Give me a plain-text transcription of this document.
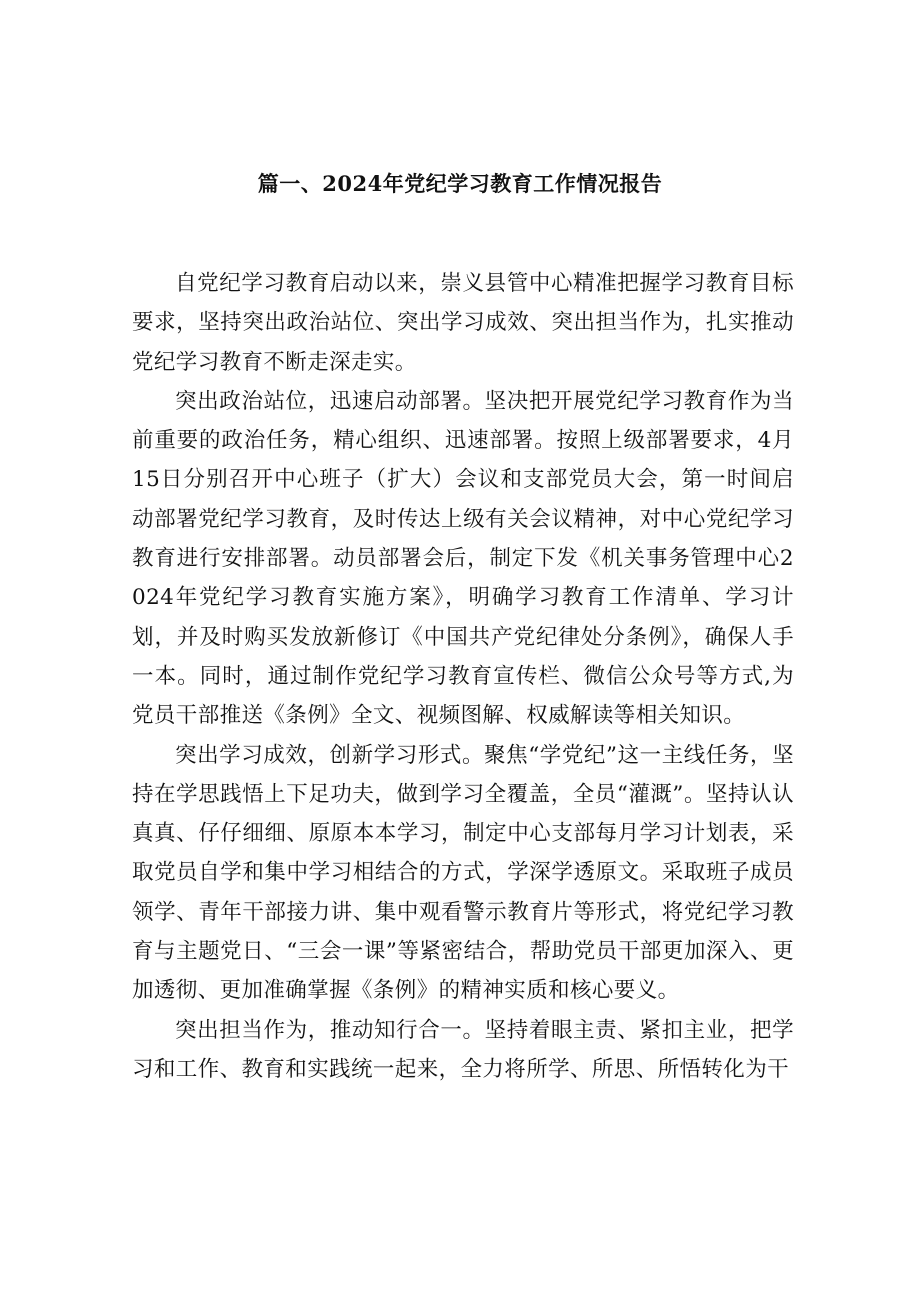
篇一、2024年党纪学习教育工作情况报告

自党纪学习教育启动以来，崇义县管中心精准把握学习教育目标要求，坚持突出政治站位、突出学习成效、突出担当作为，扎实推动党纪学习教育不断走深走实。

突出政治站位，迅速启动部署。坚决把开展党纪学习教育作为当前重要的政治任务，精心组织、迅速部署。按照上级部署要求，4月15日分别召开中心班子（扩大）会议和支部党员大会，第一时间启动部署党纪学习教育，及时传达上级有关会议精神，对中心党纪学习教育进行安排部署。动员部署会后，制定下发《机关事务管理中心2024年党纪学习教育实施方案》，明确学习教育工作清单、学习计划，并及时购买发放新修订《中国共产党纪律处分条例》，确保人手一本。同时，通过制作党纪学习教育宣传栏、微信公众号等方式,为党员干部推送《条例》全文、视频图解、权威解读等相关知识。

突出学习成效，创新学习形式。聚焦“学党纪”这一主线任务，坚持在学思践悟上下足功夫，做到学习全覆盖，全员“灌溉”。坚持认认真真、仔仔细细、原原本本学习，制定中心支部每月学习计划表，采取党员自学和集中学习相结合的方式，学深学透原文。采取班子成员领学、青年干部接力讲、集中观看警示教育片等形式，将党纪学习教育与主题党日、“三会一课”等紧密结合，帮助党员干部更加深入、更加透彻、更加准确掌握《条例》的精神实质和核心要义。

突出担当作为，推动知行合一。坚持着眼主责、紧扣主业，把学习和工作、教育和实践统一起来，全力将所学、所思、所悟转化为干
